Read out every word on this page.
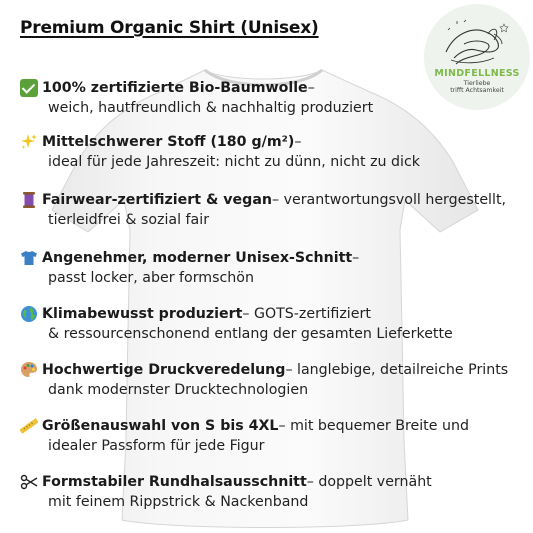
Premium Organic Shirt (Unisex)
MINDFELLNESS
Tierliebe
trifft Achtsamkeit
100% zertifizierte Bio-Baumwolle –
weich, hautfreundlich & nachhaltig produziert
Mittelschwerer Stoff (180 g/m²) –
ideal für jede Jahreszeit: nicht zu dünn, nicht zu dick
Fairwear-zertifiziert & vegan – verantwortungsvoll hergestellt,
tierleidfrei & sozial fair
Angenehmer, moderner Unisex-Schnitt –
passt locker, aber formschön
Klimabewusst produziert – GOTS-zertifiziert
& ressourcenschonend entlang der gesamten Lieferkette
Hochwertige Druckveredelung – langlebige, detailreiche Prints
dank modernster Drucktechnologien
Größenauswahl von S bis 4XL – mit bequemer Breite und
idealer Passform für jede Figur
Formstabiler Rundhalsausschnitt – doppelt vernäht
mit feinem Rippstrick & Nackenband
